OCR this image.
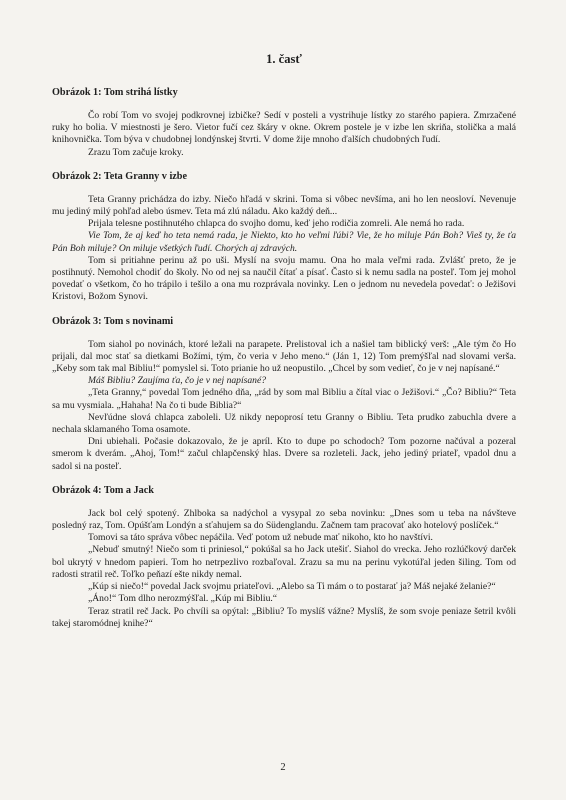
1. časť
Obrázok 1: Tom strihá lístky

Čo robí Tom vo svojej podkrovnej izbičke? Sedí v posteli a vystrihuje lístky zo starého papiera. Zmrzačené ruky ho bolia. V miestnosti je šero. Vietor fučí cez škáry v okne. Okrem postele je v izbe len skriňa, stolička a malá knihovnička. Tom býva v chudobnej londýnskej štvrti. V dome žije mnoho ďalších chudobných ľudí.

Zrazu Tom začuje kroky.

Obrázok 2: Teta Granny v izbe

Teta Granny prichádza do izby. Niečo hľadá v skrini. Toma si vôbec nevšíma, ani ho len neosloví. Nevenuje mu jediný milý pohľad alebo úsmev. Teta má zlú náladu. Ako každý deň...

Prijala telesne postihnutého chlapca do svojho domu, keď jeho rodičia zomreli. Ale nemá ho rada.

Vie Tom, že aj keď ho teta nemá rada, je Niekto, kto ho veľmi ľúbi? Vie, že ho miluje Pán Boh? Vieš ty, že ťa Pán Boh miluje? On miluje všetkých ľudí. Chorých aj zdravých.

Tom si pritiahne perinu až po uši. Myslí na svoju mamu. Ona ho mala veľmi rada. Zvlášť preto, že je postihnutý. Nemohol chodiť do školy. No od nej sa naučil čítať a písať. Často si k nemu sadla na posteľ. Tom jej mohol povedať o všetkom, čo ho trápilo i tešilo a ona mu rozprávala novinky. Len o jednom nu nevedela povedať: o Ježišovi Kristovi, Božom Synovi.

Obrázok 3: Tom s novinami

Tom siahol po novinách, ktoré ležali na parapete. Prelistoval ich a našiel tam biblický verš: „Ale tým čo Ho prijali, dal moc stať sa dietkami Božími, tým, čo veria v Jeho meno.“ (Ján 1, 12) Tom premýšľal nad slovami verša. „Keby som tak mal Bibliu!“ pomyslel si. Toto prianie ho už neopustilo. „Chcel by som vedieť, čo je v nej napísané.“

Máš Bibliu? Zaujíma ťa, čo je v nej napísané?

„Teta Granny,“ povedal Tom jedného dňa, „rád by som mal Bibliu a čítal viac o Ježišovi.“ „Čo? Bibliu?“ Teta sa mu vysmiala. „Hahaha! Na čo ti bude Biblia?“

Nevľúdne slová chlapca zaboleli. Už nikdy nepoprosí tetu Granny o Bibliu. Teta prudko zabuchla dvere a nechala sklamaného Toma osamote.

Dni ubiehali. Počasie dokazovalo, že je apríl. Kto to dupe po schodoch? Tom pozorne načúval a pozeral smerom k dverám. „Ahoj, Tom!“ začul chlapčenský hlas. Dvere sa rozleteli. Jack, jeho jediný priateľ, vpadol dnu a sadol si na posteľ.

Obrázok 4: Tom a Jack

Jack bol celý spotený. Zhlboka sa nadýchol a vysypal zo seba novinku: „Dnes som u teba na návšteve posledný raz, Tom. Opúšťam Londýn a sťahujem sa do Südenglandu. Začnem tam pracovať ako hotelový poslíček.“

Tomovi sa táto správa vôbec nepáčila. Veď potom už nebude mať nikoho, kto ho navštívi.

„Nebuď smutný! Niečo som ti priniesol,“ pokúšal sa ho Jack utešiť. Siahol do vrecka. Jeho rozlúčkový darček bol ukrytý v hnedom papieri. Tom ho netrpezlivo rozbaľoval. Zrazu sa mu na perinu vykotúľal jeden šiling. Tom od radosti stratil reč. Toľko peňazí ešte nikdy nemal.

„Kúp si niečo!“ povedal Jack svojmu priateľovi. „Alebo sa Ti mám o to postarať ja? Máš nejaké želanie?“

„Áno!“ Tom dlho nerozmýšľal. „Kúp mi Bibliu.“

Teraz stratil reč Jack. Po chvíli sa opýtal: „Bibliu? To myslíš vážne? Myslíš, že som svoje peniaze šetril kvôli takej staromódnej knihe?“

2
